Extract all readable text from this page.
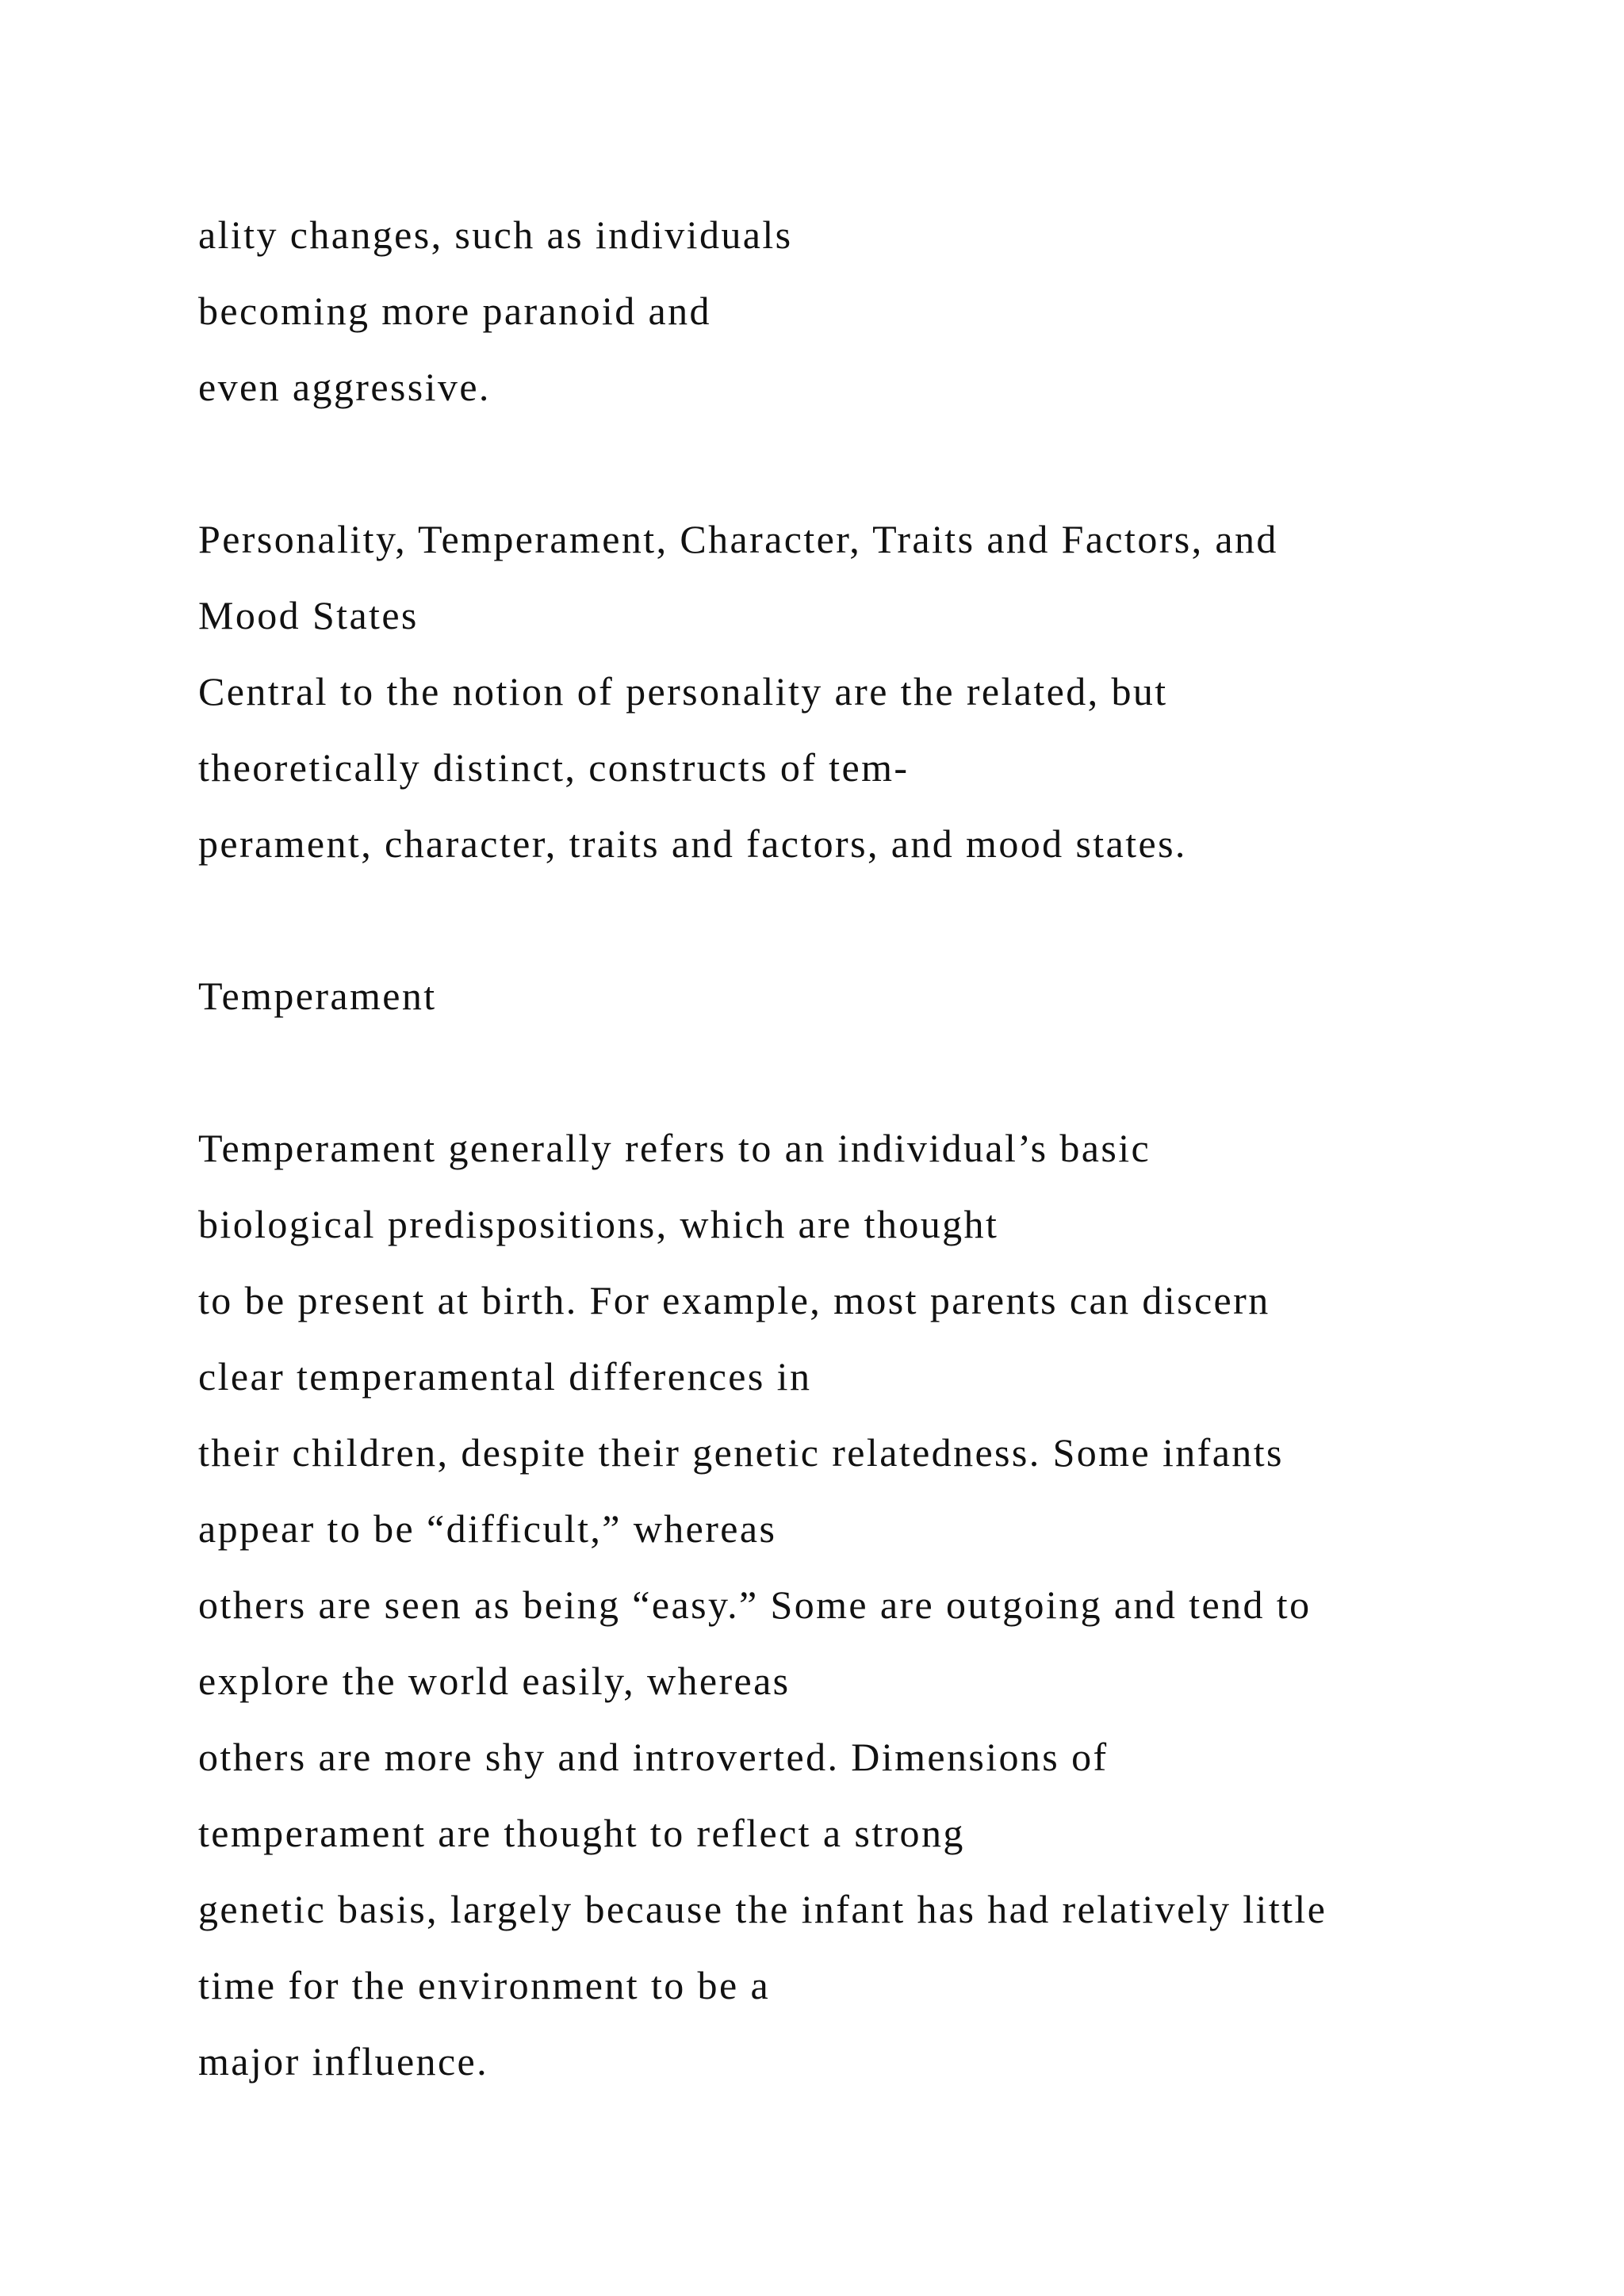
ality changes, such as individuals
becoming more paranoid and
even aggressive.
Personality, Temperament, Character, Traits and Factors, and
Mood States
Central to the notion of personality are the related, but
theoretically distinct, constructs of tem-
perament, character, traits and factors, and mood states.
Temperament
Temperament generally refers to an individual’s basic
biological predispositions, which are thought
to be present at birth. For example, most parents can discern
clear temperamental differences in
their children, despite their genetic relatedness. Some infants
appear to be “difficult,” whereas
others are seen as being “easy.” Some are outgoing and tend to
explore the world easily, whereas
others are more shy and introverted. Dimensions of
temperament are thought to reflect a strong
genetic basis, largely because the infant has had relatively little
time for the environment to be a
major influence.
